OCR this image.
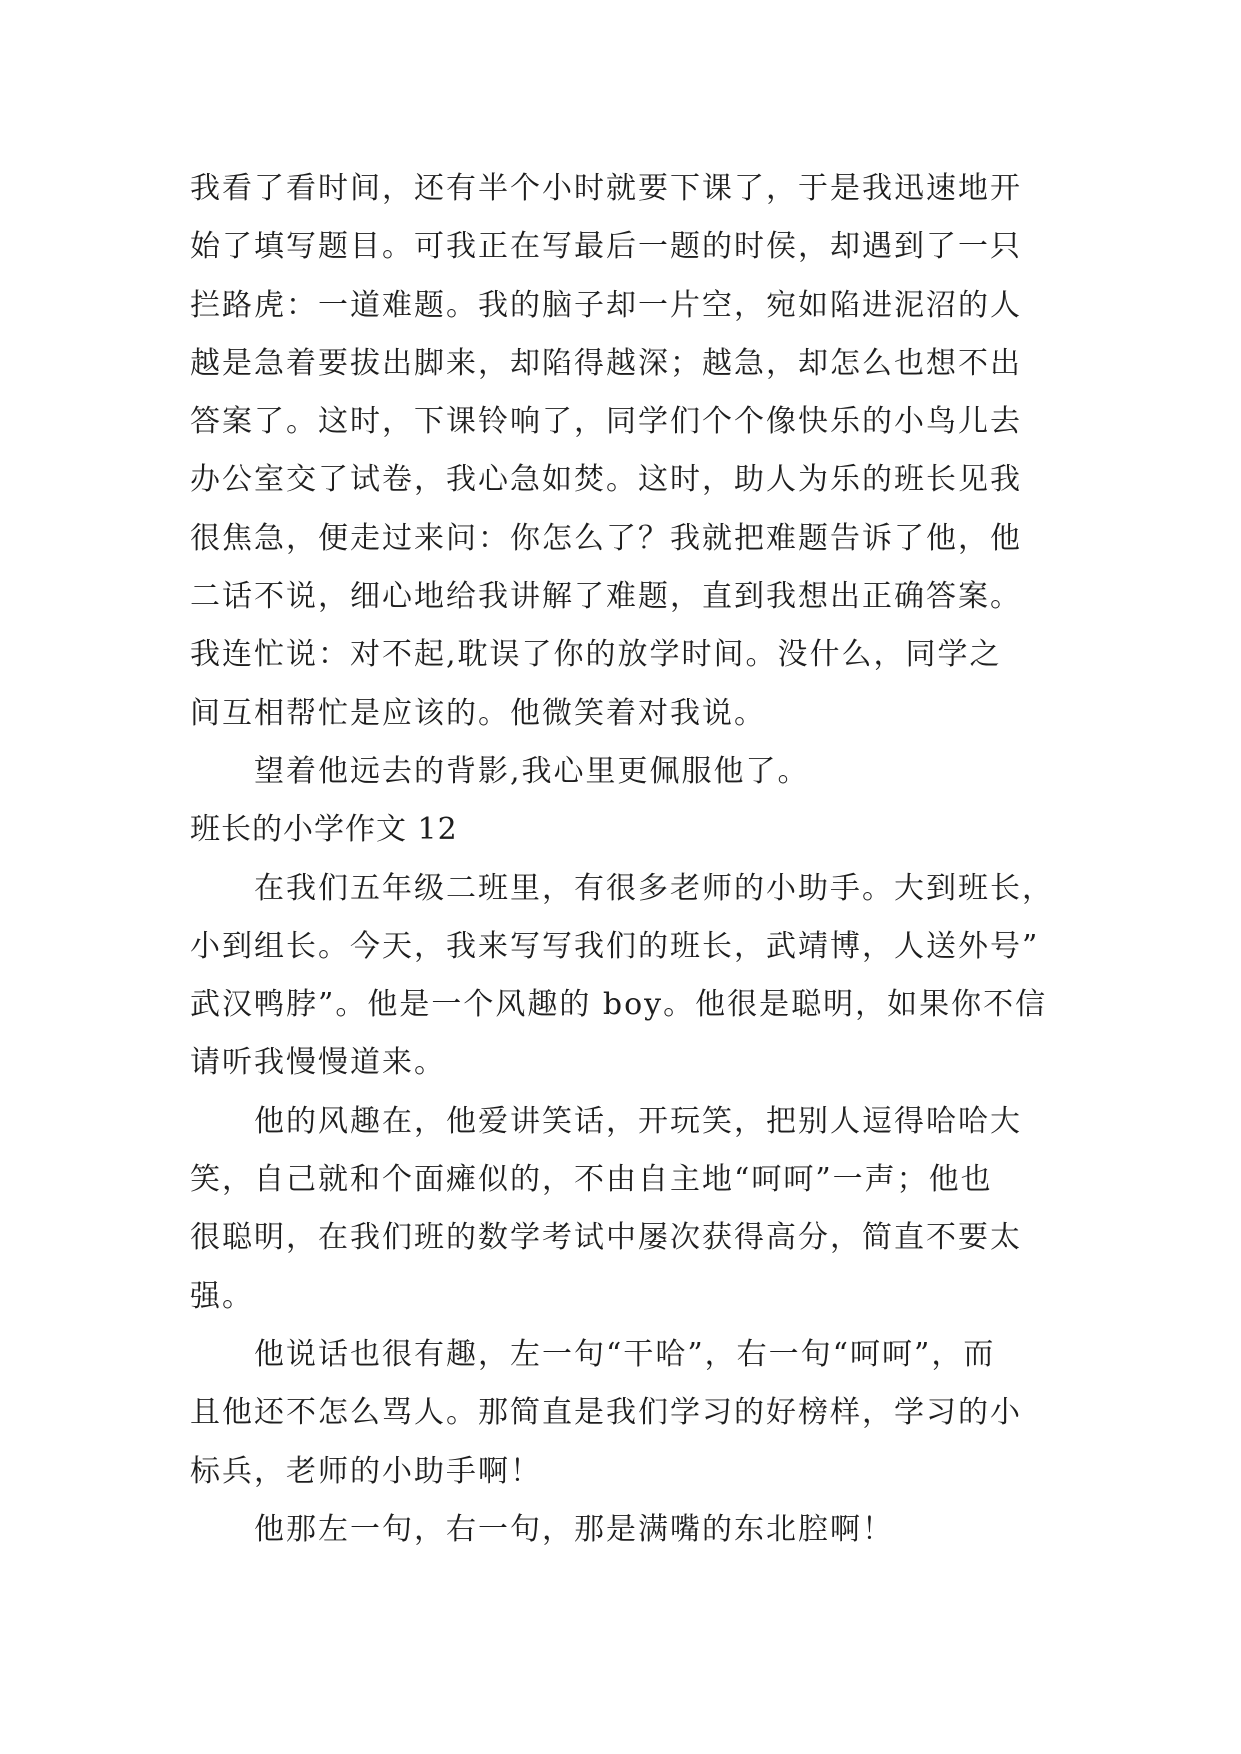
我看了看时间，还有半个小时就要下课了，于是我迅速地开
始了填写题目。可我正在写最后一题的时侯，却遇到了一只
拦路虎：一道难题。我的脑子却一片空，宛如陷进泥沼的人
越是急着要拔出脚来，却陷得越深；越急，却怎么也想不出
答案了。这时，下课铃响了，同学们个个像快乐的小鸟儿去
办公室交了试卷，我心急如焚。这时，助人为乐的班长见我
很焦急，便走过来问：你怎么了？我就把难题告诉了他，他
二话不说，细心地给我讲解了难题，直到我想出正确答案。
我连忙说：对不起,耽误了你的放学时间。没什么，同学之
间互相帮忙是应该的。他微笑着对我说。
望着他远去的背影,我心里更佩服他了。
班长的小学作文 12
在我们五年级二班里，有很多老师的小助手。大到班长，
小到组长。今天，我来写写我们的班长，武靖博，人送外号”
武汉鸭脖”。他是一个风趣的 boy。他很是聪明，如果你不信
请听我慢慢道来。
他的风趣在，他爱讲笑话，开玩笑，把别人逗得哈哈大
笑，自己就和个面瘫似的，不由自主地“呵呵”一声；他也
很聪明，在我们班的数学考试中屡次获得高分，简直不要太
强。
他说话也很有趣，左一句“干哈”，右一句“呵呵”，而
且他还不怎么骂人。那简直是我们学习的好榜样，学习的小
标兵，老师的小助手啊！
他那左一句，右一句，那是满嘴的东北腔啊！
